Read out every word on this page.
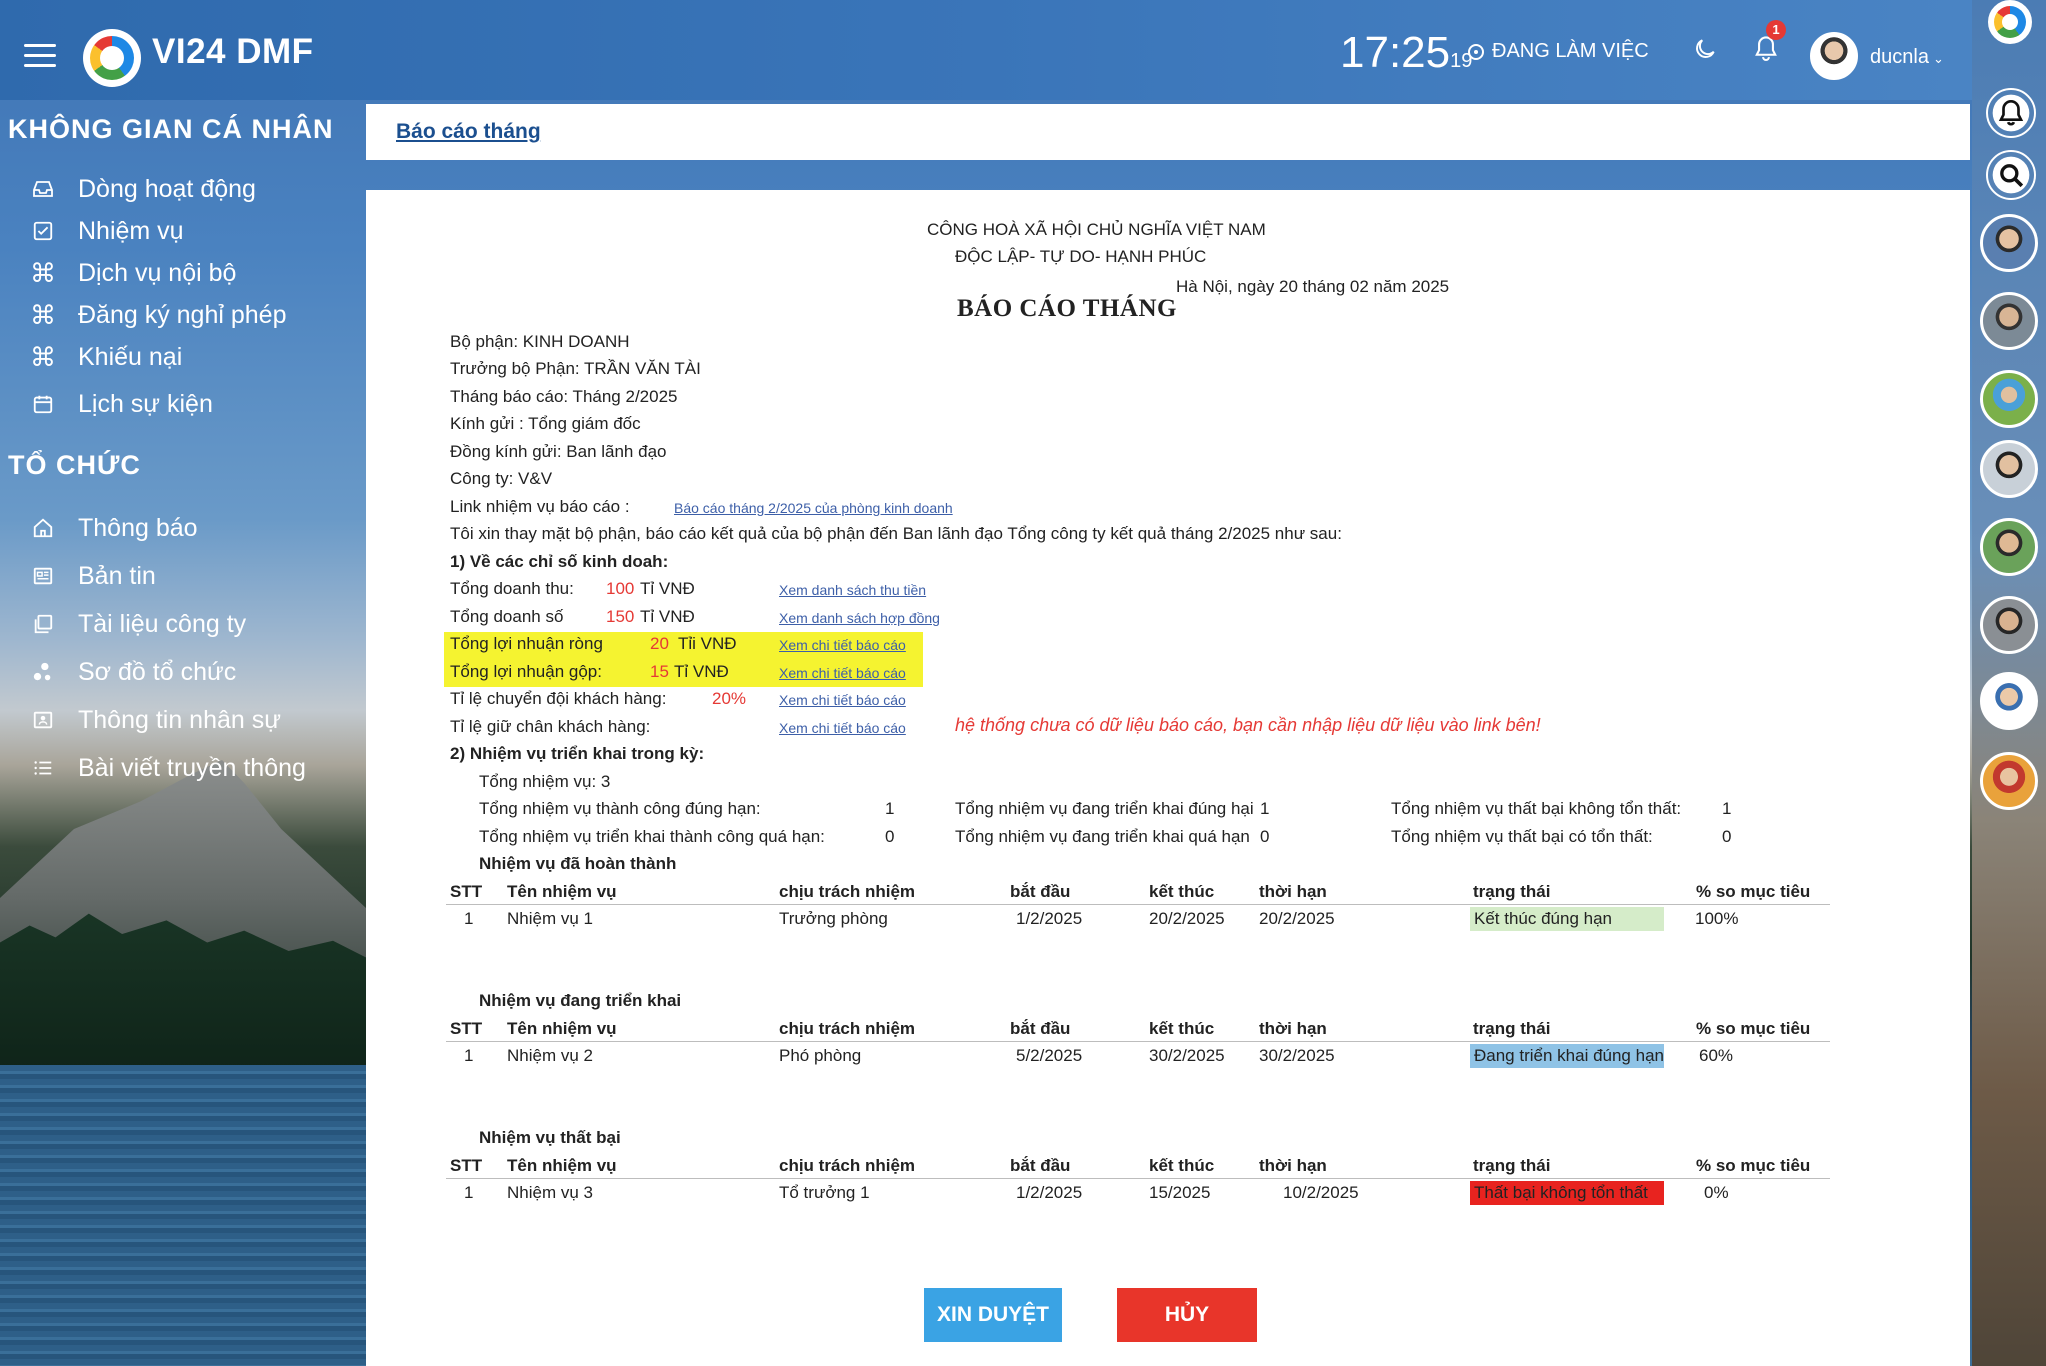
VI24 DMF	17:2519 ĐANG LÀM VIỆC
1
ducnla ⌄
KHÔNG GIAN CÁ NHÂN
Dòng hoạt động
Nhiệm vụ
⌘ Dịch vụ nội bộ
⌘ Đăng ký nghỉ phép
⌘ Khiếu nại
Lịch sự kiện
TỔ CHỨC
Thông báo
Bản tin
Tài liệu công ty
Sơ đồ tổ chức
Thông tin nhân sự
Bài viết truyền thông
Báo cáo tháng
CÔNG HOÀ XÃ HỘI CHỦ NGHĨA VIỆT NAM
ĐỘC LẬP- TỰ DO- HẠNH PHÚC
Hà Nội, ngày 20 tháng 02 năm 2025
BÁO CÁO THÁNG
Bộ phận: KINH DOANH
Trưởng bộ Phận: TRẦN VĂN TÀI
Tháng báo cáo: Tháng 2/2025
Kính gửi : Tổng giám đốc
Đồng kính gửi: Ban lãnh đạo
Công ty: V&V
Link nhiệm vụ báo cáo :	Báo cáo tháng 2/2025 của phòng kinh doanh
Tôi xin thay mặt bộ phận, báo cáo kết quả của bộ phận đến Ban lãnh đạo Tổng công ty kết quả tháng 2/2025 như sau:
1) Về các chỉ số kinh doah:
Tổng doanh thu: 100 Tỉ VNĐ	Xem danh sách thu tiền
Tổng doanh số	150 Tỉ VNĐ	Xem danh sách hợp đồng
Tổng lợi nhuận ròng	20 Tỉi VNĐ	Xem chi tiết báo cáo
Tổng lợi nhuận gộp:	15 Tỉ VNĐ	Xem chi tiết báo cáo
Tỉ lệ chuyển đội khách hàng:	20% Xem chi tiết báo cáo
Tỉ lệ giữ chân khách hàng:	Xem chi tiết báo cáo	hệ thống chưa có dữ liệu báo cáo, bạn cần nhập liệu dữ liệu vào link bên!
2) Nhiệm vụ triển khai trong kỳ:
Tổng nhiệm vụ: 3
Tổng nhiệm vụ thành công đúng hạn:	1
Tổng nhiệm vụ triển khai thành công quá hạn:	0
Tổng nhiệm vụ đang triển khai đúng hại 1
Tổng nhiệm vụ đang triển khai quá hạn 0
Tổng nhiệm vụ thất bại không tổn thất: 1
Tổng nhiệm vụ thất bại có tổn thất:	0
Nhiệm vụ đã hoàn thành
STT Tên nhiệm vụ	chịu trách nhiệm	bắt đầu	kết thúc	thời hạn	trạng thái	% so mục tiêu
1 Nhiệm vụ 1	Trưởng phòng	1/2/2025	20/2/2025 20/2/2025	Kết thúc đúng hạn	100%
Nhiệm vụ đang triển khai
STT Tên nhiệm vụ	chịu trách nhiệm	bắt đầu	kết thúc	thời hạn	trạng thái	% so mục tiêu
1 Nhiệm vụ 2	Phó phòng	5/2/2025	30/2/2025 30/2/2025	Đang triển khai đúng hạn 60%
Nhiệm vụ thất bại
STT Tên nhiệm vụ	chịu trách nhiệm	bắt đầu	kết thúc	thời hạn	trạng thái	% so mục tiêu
1 Nhiệm vụ 3	Tổ trưởng 1	1/2/2025	15/2025	10/2/2025	Thất bại không tổn thất	0%
XIN DUYỆT	HỦY
